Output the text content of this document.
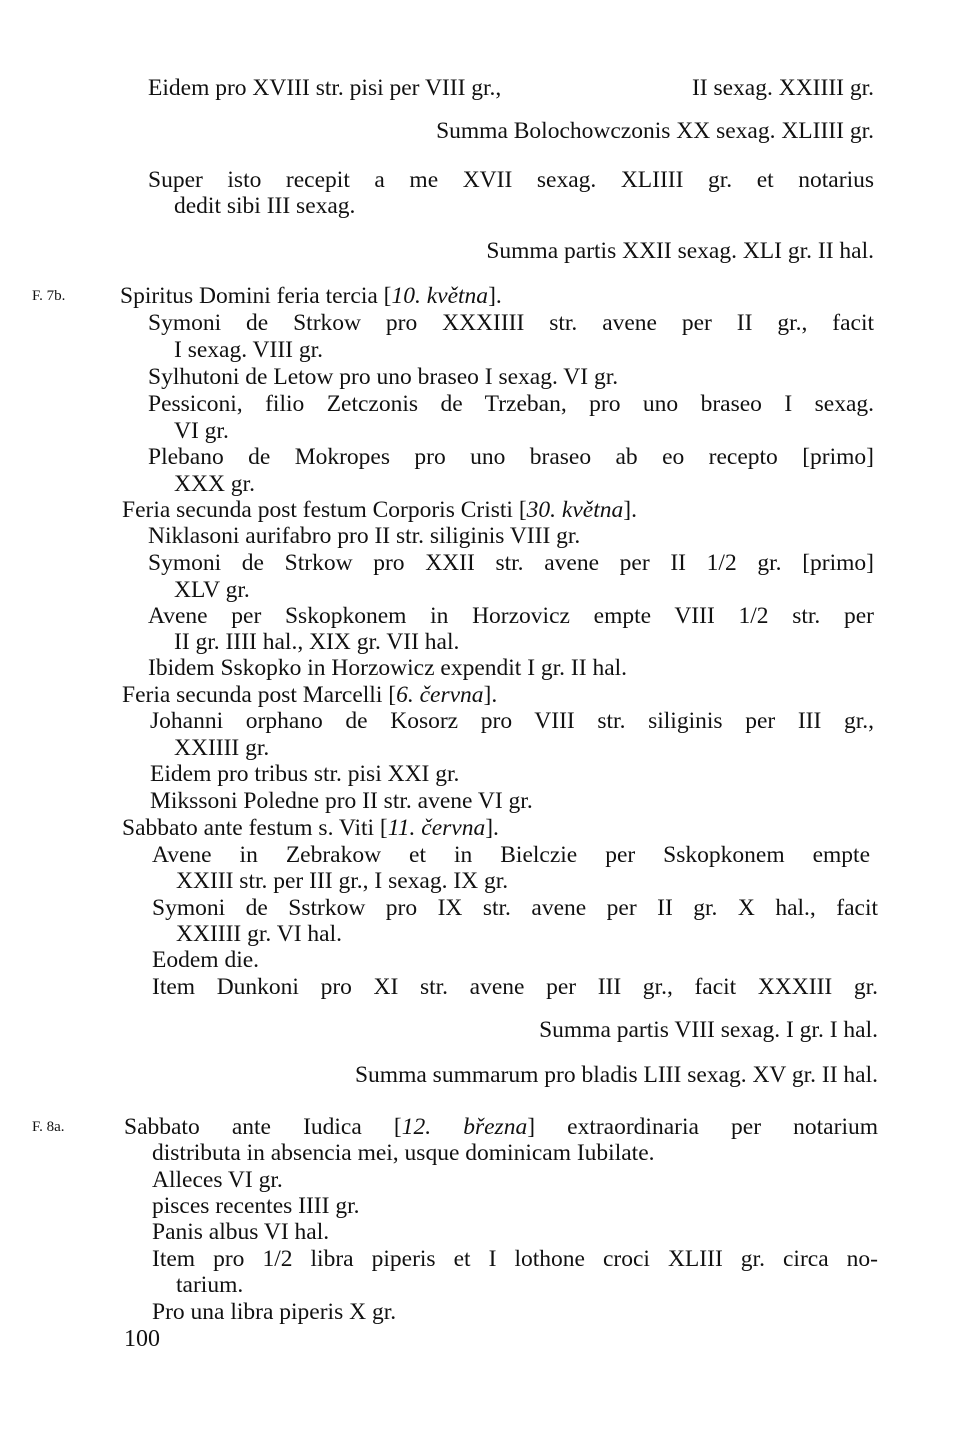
Eidem pro XVIII str. pisi per VIII gr.,	II sexag. XXIIII gr.
Summa Bolochowczonis XX sexag. XLIIII gr.
Super isto recepit a me XVII sexag. XLIIII gr. et notarius
dedit sibi III sexag.
Summa partis XXII sexag. XLI gr. II hal.
F. 7b. Spiritus Domini feria tercia [10. května].
Symoni de Strkow pro XXXIIII str. avene per II gr., facit
I sexag. VIII gr.
Sylhutoni de Letow pro uno braseo I sexag. VI gr.
Pessiconi, filio Zetczonis de Trzeban, pro uno braseo I sexag.
VI gr.
Plebano de Mokropes pro uno braseo ab eo recepto [primo]
XXX gr.
Feria secunda post festum Corporis Cristi [30. května].
Niklasoni aurifabro pro II str. siliginis VIII gr.
Symoni de Strkow pro XXII str. avene per II 1/2 gr. [primo]
XLV gr.
Avene per Sskopkonem in Horzovicz empte VIII 1/2 str. per
II gr. IIII hal., XIX gr. VII hal.
Ibidem Sskopko in Horzowicz expendit I gr. II hal.
Feria secunda post Marcelli [6. června].
Johanni orphano de Kosorz pro VIII str. siliginis per III gr.,
XXIIII gr.
Eidem pro tribus str. pisi XXI gr.
Mikssoni Poledne pro II str. avene VI gr.
Sabbato ante festum s. Viti [11. června].
Avene in Zebrakow et in Bielczie per Sskopkonem empte
XXIII str. per III gr., I sexag. IX gr.
Symoni de Sstrkow pro IX str. avene per II gr. X hal., facit
XXIIII gr. VI hal.
Eodem die.
Item Dunkoni pro XI str. avene per III gr., facit XXXIII gr.
Summa partis VIII sexag. I gr. I hal.
Summa summarum pro bladis LIII sexag. XV gr. II hal.
F. 8a.	Sabbato ante Iudica [12. března] extraordinaria per notarium
distributa in absencia mei, usque dominicam Iubilate.
Alleces VI gr.
pisces recentes IIII gr.
Panis albus VI hal.
Item pro 1/2 libra piperis et I lothone croci XLIII gr. circa no-
tarium.
Pro una libra piperis X gr.
100
